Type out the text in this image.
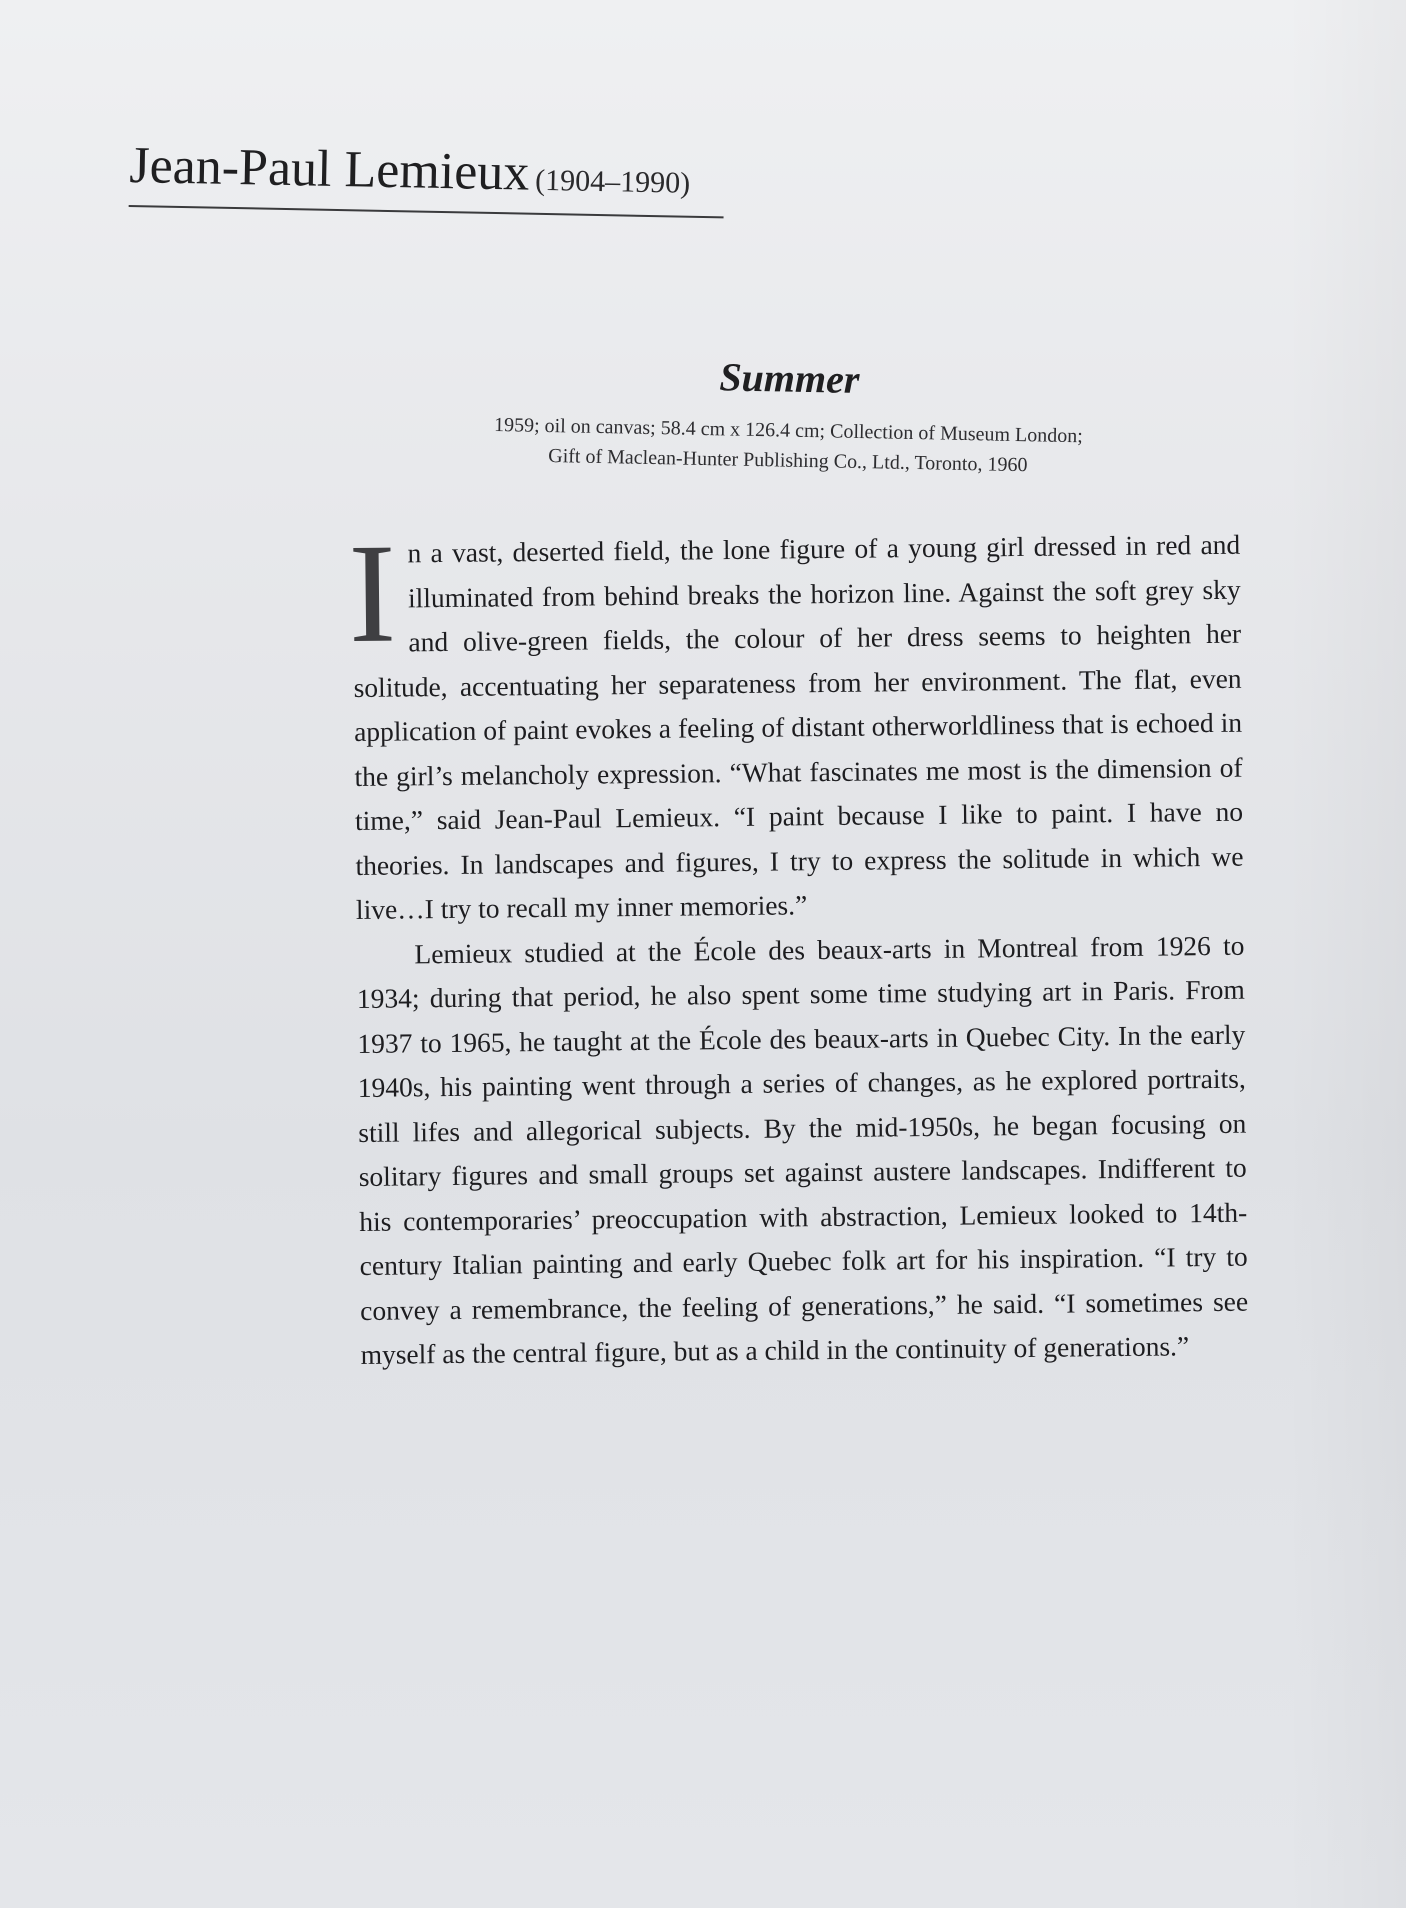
Jean-Paul Lemieux (1904–1990)
Summer

1959; oil on canvas; 58.4 cm x 126.4 cm; Collection of Museum London;
Gift of Maclean-Hunter Publishing Co., Ltd., Toronto, 1960

In a vast, deserted field, the lone figure of a young girl dressed in red and illuminated from behind breaks the horizon line. Against the soft grey sky and olive-green fields, the colour of her dress seems to heighten her solitude, accentuating her separateness from her environment. The flat, even application of paint evokes a feeling of distant otherworldliness that is echoed in the girl’s melancholy expression. “What fascinates me most is the dimension of time,” said Jean-Paul Lemieux. “I paint because I like to paint. I have no theories. In landscapes and figures, I try to express the solitude in which we live…I try to recall my inner memories.”

Lemieux studied at the École des beaux-arts in Montreal from 1926 to 1934; during that period, he also spent some time studying art in Paris. From 1937 to 1965, he taught at the École des beaux-arts in Quebec City. In the early 1940s, his painting went through a series of changes, as he explored portraits, still lifes and allegorical subjects. By the mid-1950s, he began focusing on solitary figures and small groups set against austere landscapes. Indifferent to his contemporaries’ preoccupation with abstraction, Lemieux looked to 14th-century Italian painting and early Quebec folk art for his inspiration. “I try to convey a remembrance, the feeling of generations,” he said. “I sometimes see myself as the central figure, but as a child in the continuity of generations.”
